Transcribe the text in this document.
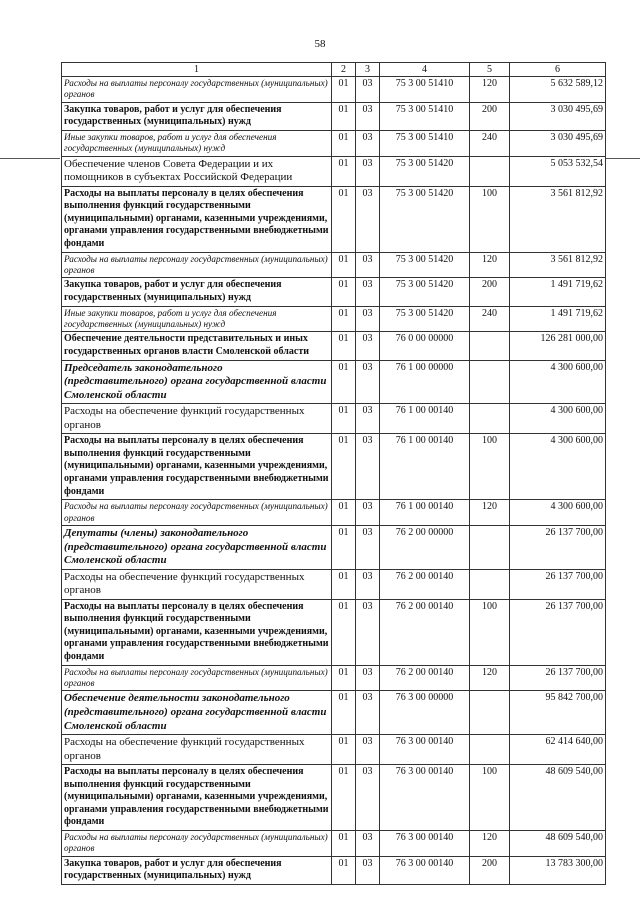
58
1	2	3	4	5	6
Расходы на выплаты персоналу государственных (муниципальных) органов	01	03	75 3 00 51410	120	5 632 589,12
Закупка товаров, работ и услуг для обеспечения государственных (муниципальных) нужд	01	03	75 3 00 51410	200	3 030 495,69
Иные закупки товаров, работ и услуг для обеспечения государственных (муниципальных) нужд	01	03	75 3 00 51410	240	3 030 495,69
Обеспечение членов Совета Федерации и их помощников в субъектах Российской Федерации	01	03	75 3 00 51420		5 053 532,54
Расходы на выплаты персоналу в целях обеспечения выполнения функций государственными (муниципальными) органами, казенными учреждениями, органами управления государственными внебюджетными фондами	01	03	75 3 00 51420	100	3 561 812,92
Расходы на выплаты персоналу государственных (муниципальных) органов	01	03	75 3 00 51420	120	3 561 812,92
Закупка товаров, работ и услуг для обеспечения государственных (муниципальных) нужд	01	03	75 3 00 51420	200	1 491 719,62
Иные закупки товаров, работ и услуг для обеспечения государственных (муниципальных) нужд	01	03	75 3 00 51420	240	1 491 719,62
Обеспечение деятельности представительных и иных государственных органов власти Смоленской области	01	03	76 0 00 00000		126 281 000,00
Председатель законодательного (представительного) органа государственной власти Смоленской области	01	03	76 1 00 00000		4 300 600,00
Расходы на обеспечение функций государственных органов	01	03	76 1 00 00140		4 300 600,00
Расходы на выплаты персоналу в целях обеспечения выполнения функций государственными (муниципальными) органами, казенными учреждениями, органами управления государственными внебюджетными фондами	01	03	76 1 00 00140	100	4 300 600,00
Расходы на выплаты персоналу государственных (муниципальных) органов	01	03	76 1 00 00140	120	4 300 600,00
Депутаты (члены) законодательного (представительного) органа государственной власти Смоленской области	01	03	76 2 00 00000		26 137 700,00
Расходы на обеспечение функций государственных органов	01	03	76 2 00 00140		26 137 700,00
Расходы на выплаты персоналу в целях обеспечения выполнения функций государственными (муниципальными) органами, казенными учреждениями, органами управления государственными внебюджетными фондами	01	03	76 2 00 00140	100	26 137 700,00
Расходы на выплаты персоналу государственных (муниципальных) органов	01	03	76 2 00 00140	120	26 137 700,00
Обеспечение деятельности законодательного (представительного) органа государственной власти Смоленской области	01	03	76 3 00 00000		95 842 700,00
Расходы на обеспечение функций государственных органов	01	03	76 3 00 00140		62 414 640,00
Расходы на выплаты персоналу в целях обеспечения выполнения функций государственными (муниципальными) органами, казенными учреждениями, органами управления государственными внебюджетными фондами	01	03	76 3 00 00140	100	48 609 540,00
Расходы на выплаты персоналу государственных (муниципальных) органов	01	03	76 3 00 00140	120	48 609 540,00
Закупка товаров, работ и услуг для обеспечения государственных (муниципальных) нужд	01	03	76 3 00 00140	200	13 783 300,00
